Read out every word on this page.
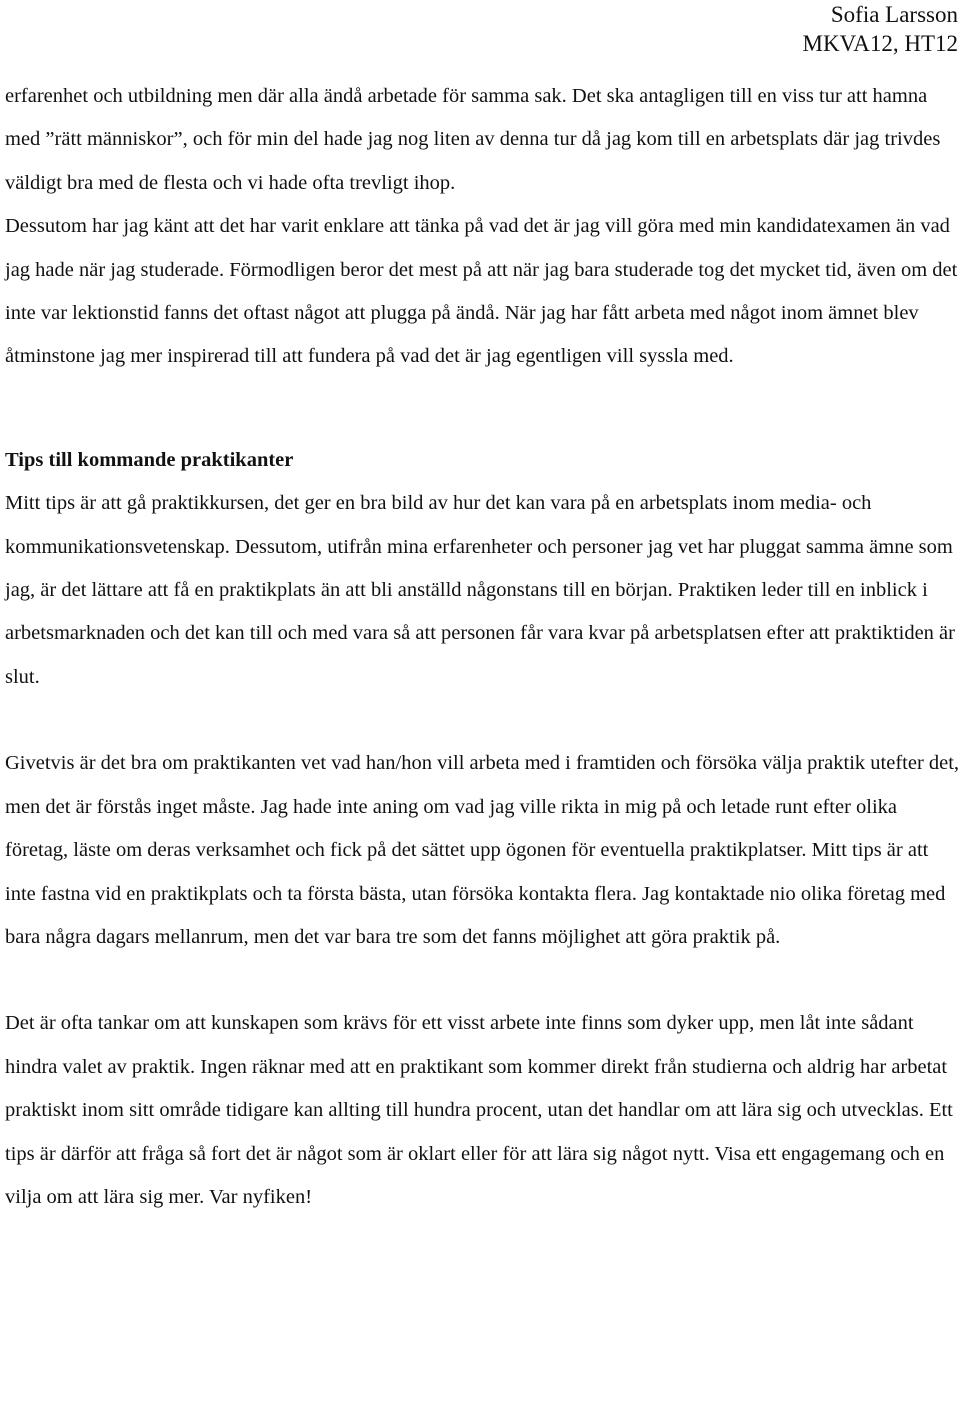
Sofia Larsson
MKVA12, HT12

erfarenhet och utbildning men där alla ändå arbetade för samma sak. Det ska antagligen till en viss tur att hamna med ”rätt människor”, och för min del hade jag nog liten av denna tur då jag kom till en arbetsplats där jag trivdes väldigt bra med de flesta och vi hade ofta trevligt ihop.

Dessutom har jag känt att det har varit enklare att tänka på vad det är jag vill göra med min kandidatexamen än vad jag hade när jag studerade. Förmodligen beror det mest på att när jag bara studerade tog det mycket tid, även om det inte var lektionstid fanns det oftast något att plugga på ändå. När jag har fått arbeta med något inom ämnet blev åtminstone jag mer inspirerad till att fundera på vad det är jag egentligen vill syssla med.

Tips till kommande praktikanter

Mitt tips är att gå praktikkursen, det ger en bra bild av hur det kan vara på en arbetsplats inom media- och kommunikationsvetenskap. Dessutom, utifrån mina erfarenheter och personer jag vet har pluggat samma ämne som jag, är det lättare att få en praktikplats än att bli anställd någonstans till en början. Praktiken leder till en inblick i arbetsmarknaden och det kan till och med vara så att personen får vara kvar på arbetsplatsen efter att praktiktiden är slut.

Givetvis är det bra om praktikanten vet vad han/hon vill arbeta med i framtiden och försöka välja praktik utefter det, men det är förstås inget måste. Jag hade inte aning om vad jag ville rikta in mig på och letade runt efter olika företag, läste om deras verksamhet och fick på det sättet upp ögonen för eventuella praktikplatser. Mitt tips är att inte fastna vid en praktikplats och ta första bästa, utan försöka kontakta flera. Jag kontaktade nio olika företag med bara några dagars mellanrum, men det var bara tre som det fanns möjlighet att göra praktik på.

Det är ofta tankar om att kunskapen som krävs för ett visst arbete inte finns som dyker upp, men låt inte sådant hindra valet av praktik. Ingen räknar med att en praktikant som kommer direkt från studierna och aldrig har arbetat praktiskt inom sitt område tidigare kan allting till hundra procent, utan det handlar om att lära sig och utvecklas. Ett tips är därför att fråga så fort det är något som är oklart eller för att lära sig något nytt. Visa ett engagemang och en vilja om att lära sig mer. Var nyfiken!
